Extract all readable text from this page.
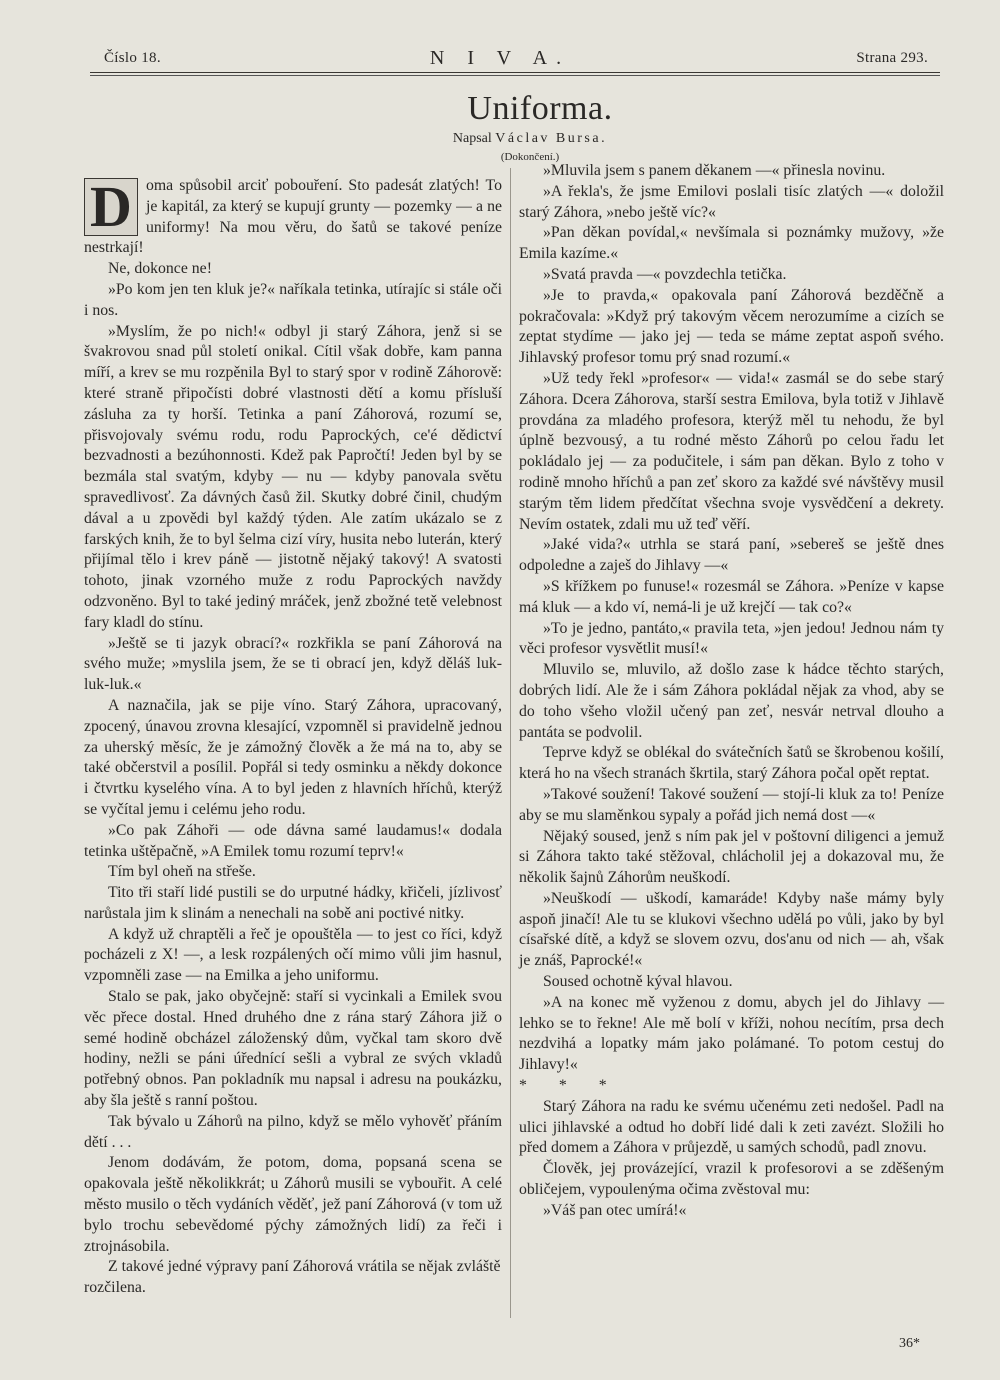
Číslo 18.	N I V A.	Strana 293.
Uniforma.
Napsal Václav Bursa.
(Dokončení.)

D oma spůsobil arciť pobouření. Sto padesát zlatých! To je kapitál, za který se kupují grunty — pozemky — a ne uniformy! Na mou věru, do šatů se takové peníze nestrkají!

Ne, dokonce ne!

»Po kom jen ten kluk je?« naříkala tetinka, utírajíc si stále oči i nos.

»Myslím, že po nich!« odbyl ji starý Záhora, jenž si se švakrovou snad půl století onikal. Cítil však dobře, kam panna míří, a krev se mu rozpěnila Byl to starý spor v rodině Záhorově: které straně připočísti dobré vlastnosti dětí a komu přísluší zásluha za ty horší. Tetinka a paní Záhorová, rozumí se, přisvojovaly svému rodu, rodu Paprockých, ce'é dědictví bezvadnosti a bezúhonnosti. Kdež pak Papročtí! Jeden byl by se bezmála stal svatým, kdyby — nu — kdyby panovala světu spravedlivosť. Za dávných časů žil. Skutky dobré činil, chudým dával a u zpovědi byl každý týden. Ale zatím ukázalo se z farských knih, že to byl šelma cizí víry, husita nebo luterán, který přijímal tělo i krev páně — jistotně nějaký takový! A svatosti tohoto, jinak vzorného muže z rodu Paprockých navždy odzvoněno. Byl to také jediný mráček, jenž zbožné tetě velebnost fary kladl do stínu.

»Ještě se ti jazyk obrací?« rozkřikla se paní Záhorová na svého muže; »myslila jsem, že se ti obrací jen, když děláš luk-luk-luk.«

A naznačila, jak se pije víno. Starý Záhora, upracovaný, zpocený, únavou zrovna klesající, vzpomněl si pravidelně jednou za uherský měsíc, že je zámožný člověk a že má na to, aby se také občerstvil a posílil. Popřál si tedy osminku a někdy dokonce i čtvrtku kyselého vína. A to byl jeden z hlavních hříchů, kterýž se vyčítal jemu i celému jeho rodu.

»Co pak Záhoři — ode dávna samé laudamus!« dodala tetinka uštěpačně, »A Emilek tomu rozumí teprv!«

Tím byl oheň na střeše.

Tito tři staří lidé pustili se do urputné hádky, křičeli, jízlivosť narůstala jim k slinám a nenechali na sobě ani poctivé nitky.

A když už chraptěli a řeč je opouštěla — to jest co říci, když pocházeli z X! —, a lesk rozpálených očí mimo vůli jim hasnul, vzpomněli zase — na Emilka a jeho uniformu.

Stalo se pak, jako obyčejně: staří si vycinkali a Emilek svou věc přece dostal. Hned druhého dne z rána starý Záhora již o semé hodině obcházel záloženský dům, vyčkal tam skoro dvě hodiny, nežli se páni úřednící sešli a vybral ze svých vkladů potřebný obnos. Pan pokladník mu napsal i adresu na poukázku, aby šla ještě s ranní poštou.

Tak bývalo u Záhorů na pilno, když se mělo vyhověť přáním dětí . . .

Jenom dodávám, že potom, doma, popsaná scena se opakovala ještě několikkrát; u Záhorů musili se vybouřit. A celé město musilo o těch vydáních věděť, jež paní Záhorová (v tom už bylo trochu sebevědomé pýchy zámožných lidí) za řeči i ztrojnásobila.

Z takové jedné výpravy paní Záhorová vrátila se nějak zvláště rozčilena.

»Mluvila jsem s panem děkanem —« přinesla novinu.

»A řekla's, že jsme Emilovi poslali tisíc zlatých —« doložil starý Záhora, »nebo ještě víc?«

»Pan děkan povídal,« nevšímala si poznámky mužovy, »že Emila kazíme.«

»Svatá pravda —« povzdechla tetička.

»Je to pravda,« opakovala paní Záhorová bezděčně a pokračovala: »Když prý takovým věcem nerozumíme a cizích se zeptat stydíme — jako jej — teda se máme zeptat aspoň svého. Jihlavský profesor tomu prý snad rozumí.«

»Už tedy řekl »profesor« — vida!« zasmál se do sebe starý Záhora. Dcera Záhorova, starší sestra Emilova, byla totiž v Jihlavě provdána za mladého profesora, kterýž měl tu nehodu, že byl úplně bezvousý, a tu rodné město Záhorů po celou řadu let pokládalo jej — za podučitele, i sám pan děkan. Bylo z toho v rodině mnoho hříchů a pan zeť skoro za každé své návštěvy musil starým těm lidem předčítat všechna svoje vysvědčení a dekrety. Nevím ostatek, zdali mu už teď věří.

»Jaké vida?« utrhla se stará paní, »sebereš se ještě dnes odpoledne a zaješ do Jihlavy —«

»S křížkem po funuse!« rozesmál se Záhora. »Peníze v kapse má kluk — a kdo ví, nemá-li je už krejčí — tak co?«

»To je jedno, pantáto,« pravila teta, »jen jedou! Jednou nám ty věci profesor vysvětlit musí!«

Mluvilo se, mluvilo, až došlo zase k hádce těchto starých, dobrých lidí. Ale že i sám Záhora pokládal nějak za vhod, aby se do toho všeho vložil učený pan zeť, nesvár netrval dlouho a pantáta se podvolil.

Teprve když se oblékal do svátečních šatů se škrobenou košilí, která ho na všech stranách škrtila, starý Záhora počal opět reptat.

»Takové soužení! Takové soužení — stojí-li kluk za to! Peníze aby se mu slaměnkou sypaly a pořád jich nemá dost —«

Nějaký soused, jenž s ním pak jel v poštovní diligenci a jemuž si Záhora takto také stěžoval, chlácholil jej a dokazoval mu, že několik šajnů Záhorům neuškodí.

»Neuškodí — uškodí, kamaráde! Kdyby naše mámy byly aspoň jinačí! Ale tu se klukovi všechno udělá po vůli, jako by byl císařské dítě, a když se slovem ozvu, dos'anu od nich — ah, však je znáš, Paprocké!«

Soused ochotně kýval hlavou.

»A na konec mě vyženou z domu, abych jel do Jihlavy — lehko se to řekne! Ale mě bolí v kříži, nohou necítím, prsa dech nezdvihá a lopatky mám jako polámané. To potom cestuj do Jihlavy!«

* * *

Starý Záhora na radu ke svému učenému zeti nedošel. Padl na ulici jihlavské a odtud ho dobří lidé dali k zeti zavézt. Složili ho před domem a Záhora v průjezdě, u samých schodů, padl znovu.

Člověk, jej provázející, vrazil k profesorovi a se zděšeným obličejem, vypoulenýma očima zvěstoval mu:

»Váš pan otec umírá!«

36*
